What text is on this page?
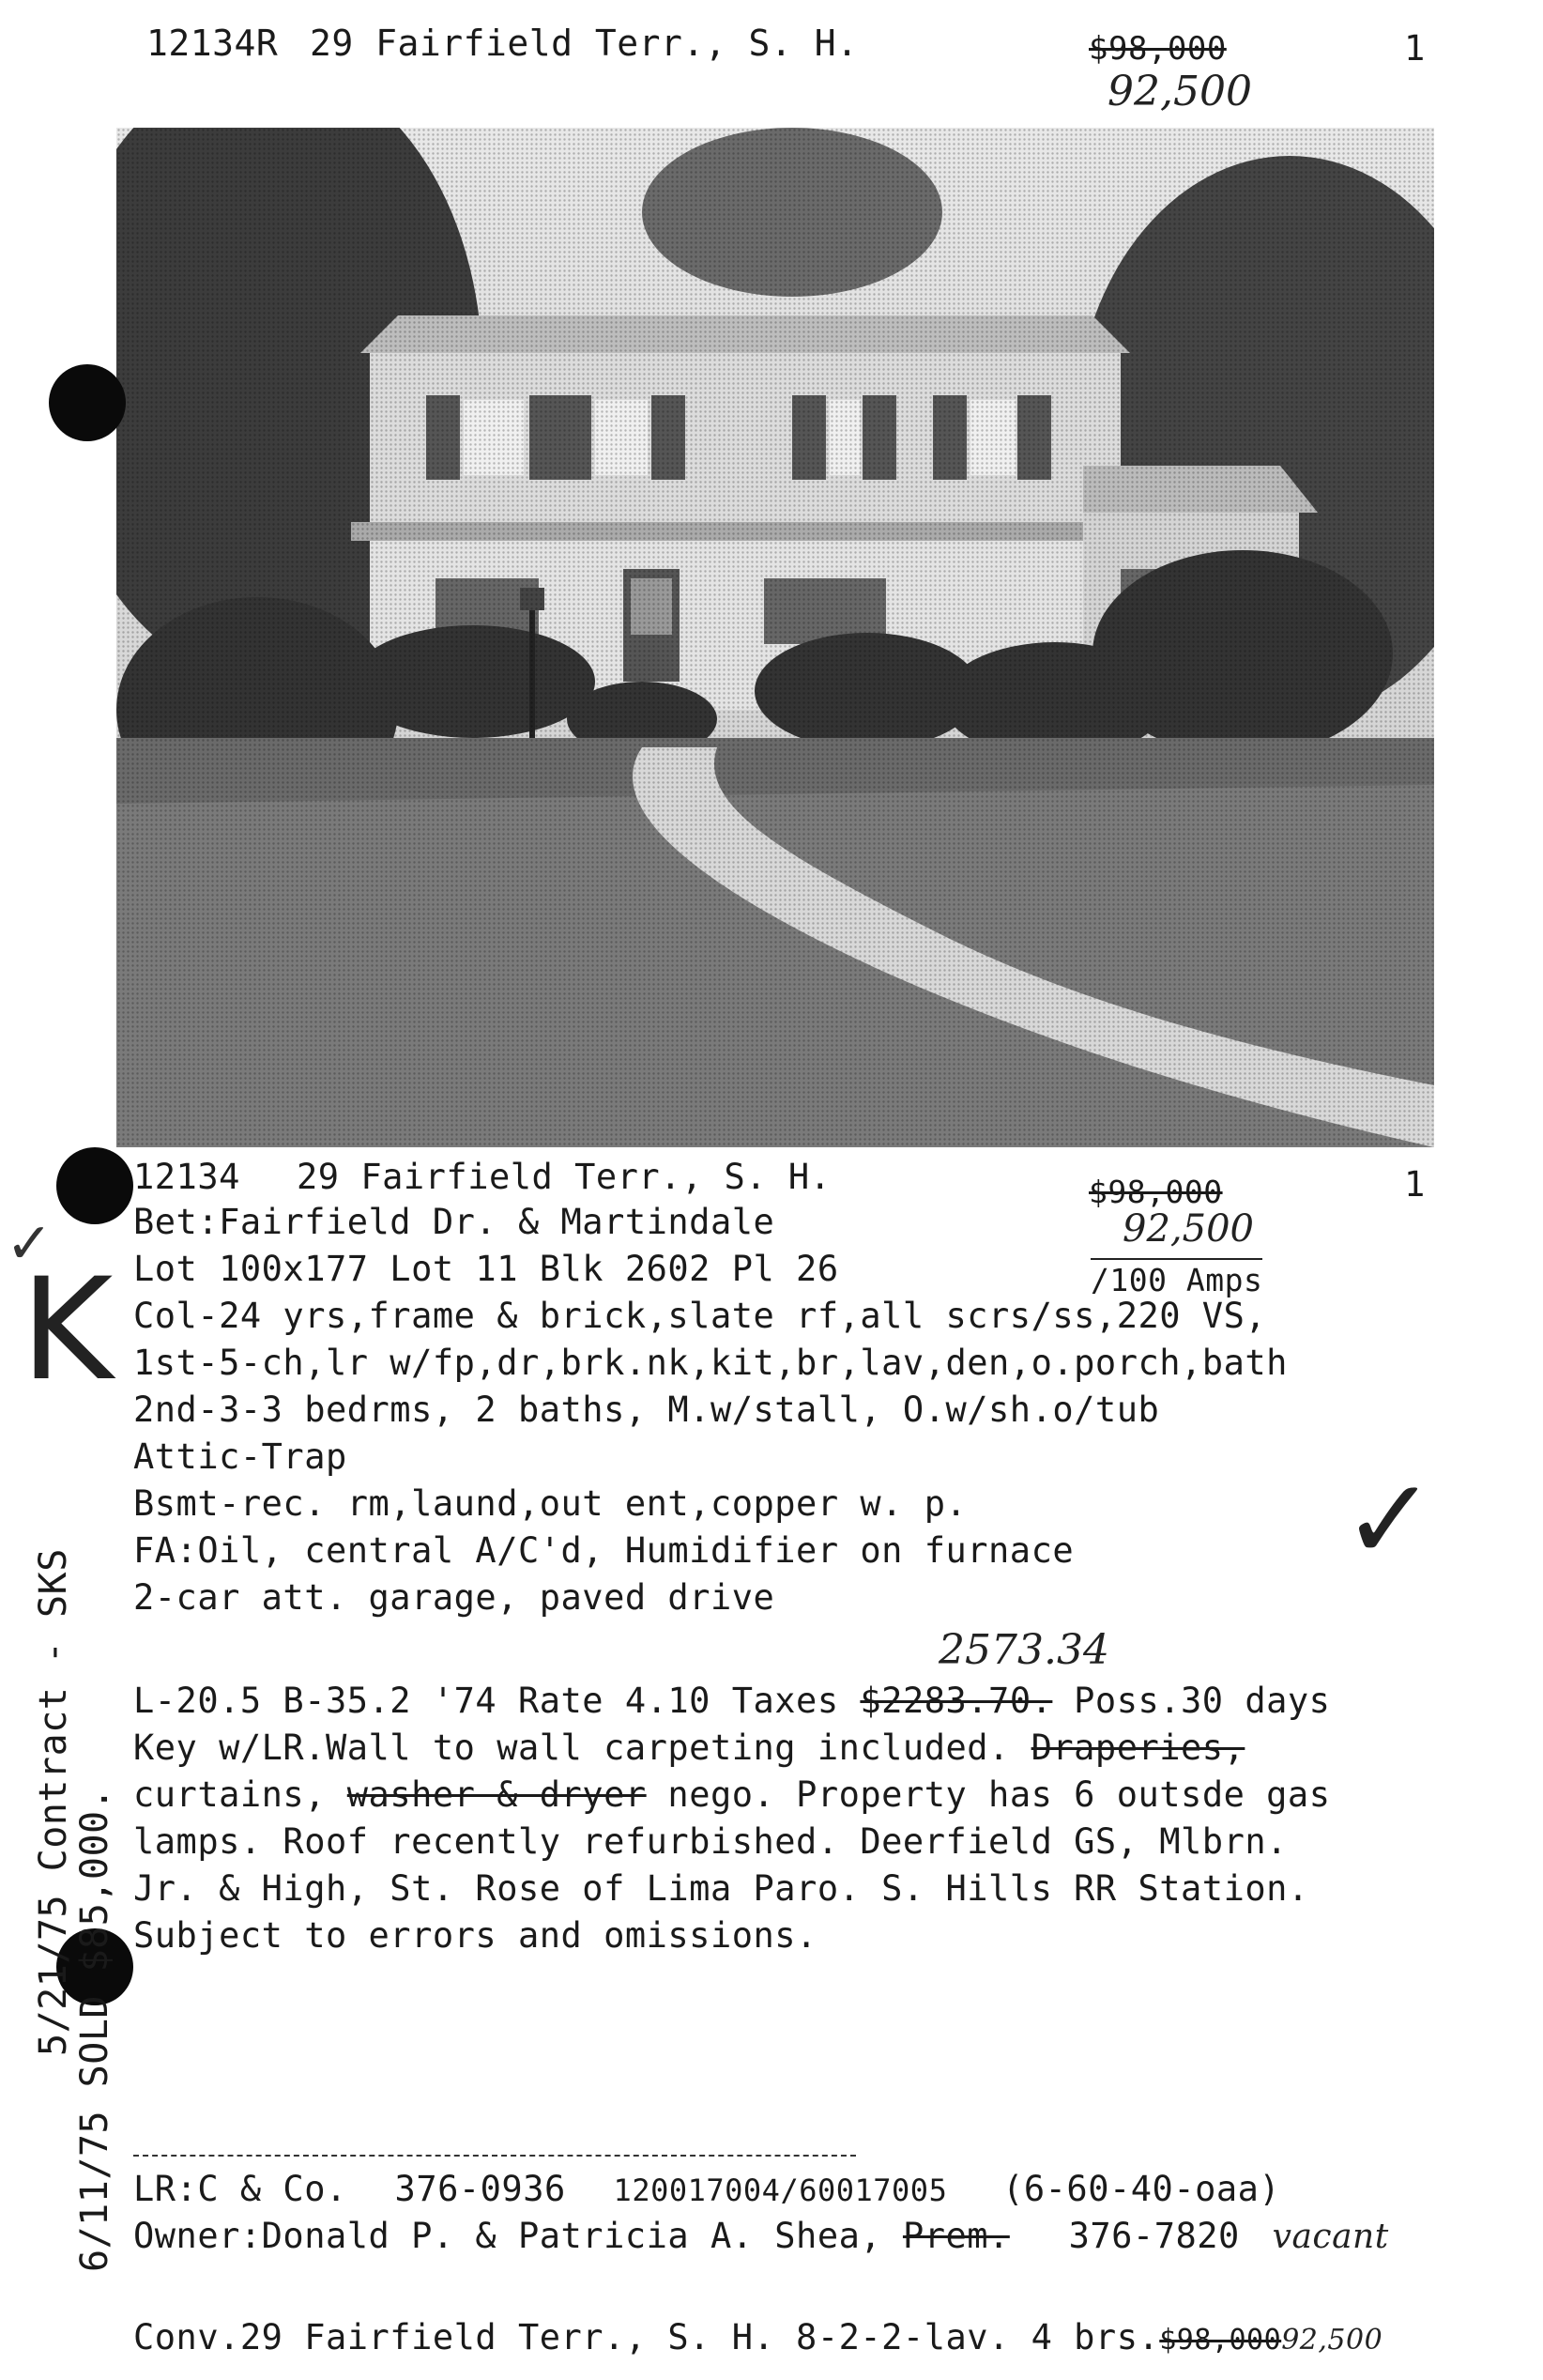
12134R 29 Fairfield Terr., S. H.	$98,000
92,500
1
12134 29 Fairfield Terr., S. H.	$98,000
92,500
1
/100 Amps
K
✓
✓
5/21/75 Contract - SKS
6/11/75 SOLD $85,000.
Bet:Fairfield Dr. & Martindale
Lot 100x177 Lot 11 Blk 2602 Pl 26
Col-24 yrs,frame & brick,slate rf,all scrs/ss,220 VS,
1st-5-ch,lr w/fp,dr,brk.nk,kit,br,lav,den,o.porch,bath
2nd-3-3 bedrms, 2 baths, M.w/stall, O.w/sh.o/tub
Attic-Trap
Bsmt-rec. rm,laund,out ent,copper w. p.
FA:Oil, central A/C'd, Humidifier on furnace
2-car att. garage, paved drive
2573.34
L-20.5 B-35.2 '74 Rate 4.10 Taxes $2283.70. Poss.30 days
Key w/LR.Wall to wall carpeting included. Draperies,
curtains, washer & dryer nego. Property has 6 outsde gas
lamps. Roof recently refurbished. Deerfield GS, Mlbrn.
Jr. & High, St. Rose of Lima Paro. S. Hills RR Station.
Subject to errors and omissions.
LR:C & Co. 376-0936 120017004/60017005 (6-60-40-oaa)
Owner:Donald P. & Patricia A. Shea, Prem. 376-7820 vacant
Conv.29 Fairfield Terr., S. H. 8-2-2-lav. 4 brs.$98,00092,500
